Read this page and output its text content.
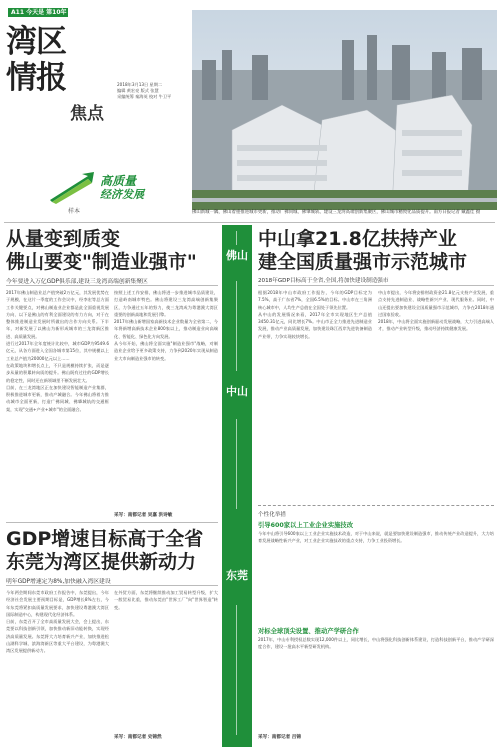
A11 今天是 第10年 06
湾区
情报
焦点
2018年3月13日 星期二
编辑 黄宏亮 版式 张慧
采编统筹 秦海英 校对 牛卫平
高质量
经济发展
样本	佛山新城一隅，佛山着重推进城市更新，推动广佛同城、佛肇城轨、建设三龙湾高端创新集聚区，佛山城市精致化品质提升。南方日报记者 戴鑫佳 摄
从量变到质变
佛山要变"制造业强市"
今年要进入万亿GDP俱乐部,建设三龙湾高端创新集聚区

2017年佛山制造业总产值突破2万亿元，其发展优势在于规模，在这片一季度的工作会议中，经李宏等总方面工作关键要点，对佛山制造业企业都是此全面重视发展方向、以下是佛山的有利全面建设的有力方向，对于在整体推进制造业发展时所做出的合作方向关系。下半年，对新发展了以佛山为新形成城市的三龙湾新区推进、高质量发展。

进行过2017年全年度统计比较中，城市GDP为9549.6亿元，从各方面进入全国各城市第15位，其中规模以上工业总产值为20000亿元以上……

在政策地块和增长点上，不只是规模持续扩张，而是逐步从量的积累转向质的提升。佛山既有过往的GDP增长的稳定性，同时还在新领域里不断发展壮大。

目前，在三龙湾地区正在加快建设智能制造产业集群，积极推进城市更新，推动产城融合。今年佛山将着力推动城市全面更新，打造广佛同城、佛肇城轨的交通框架，实现"交通+产业+城市"的全面融合。

按照上述工作安排，佛山将进一步推进城市品质建设，打造岭南城市特色。佛山将建设三龙湾高端创新集聚区，力争通过五年的努力，使三龙湾成为粤港澳大湾区重要的创新高地和发展引擎。

2017年佛山新增国家高新技术企业数量为全省第二，今年将新增高新技术企业800家以上，推动制造业向高端化、智能化、绿色化方向发展。

从今年开始，佛山将全面实施"制造业强市"战略，对制造业企业给予更多政策支持，力争到2020年实现从制造业大市向制造业强市的转变。

采写：南都记者 吴嘉 洪诗敏
GDP增速目标高于全省
东莞为湾区提供新动力
明年GDP增速定为8%,加快融入湾区建设

今年两会期间东莞市政府工作报告中，东莞提出，今年经济社会发展主要预期目标是，GDP增长8%左右，今年东莞将紧扣高质量发展要求，加快建设粤港澳大湾区国际制造中心，构建现代化经济体系。

日前，东莞召开了全市高质量发展大会，会上提出，东莞要以科技创新引领，加快推动新旧动能转换，实现经济高质量发展。东莞将大力培育新兴产业，加快推进松山湖科学城、滨海湾新区等重大平台建设，为粤港澳大湾区发展提供新动力。

在外贸方面，东莞将继续推动加工贸易转型升级，扩大一般贸易比重，推动东莞由"世界工厂"向"世界智造"转变。

采写：南都记者 史锦然
佛山
中山
东莞
中山拿21.8亿扶持产业
建全国质量强市示范城市
2018年GDP目标高于全省,全国,将加快建设制造强市

根据2018年中山市政府工作报告，今年的GDP目标定为7.5%，高于广东省7%，全国6.5%的目标。中山市在三角洲核心城市中，人均生产总值在全国处于领先位置。

从中山的发展情况来看，2017年全市实现地区生产总值3450.31亿元，同比增长7%。中山市正全力推进先进制造业发展，推动产业高质量发展，加快建设珠江西岸先进装备制造产业带，力争实现较快增长。

中山市提出，今年将安排财政资金21.8亿元支持产业发展，重点支持先进制造业、战略性新兴产业、现代服务业。同时，中山还提出要加快建设全国质量强市示范城市，力争在2018年通过国家验收。

2018年，中山将全面实施创新驱动发展战略，大力引进高端人才，推动产业转型升级，推动经济持续健康发展。

个性化举措
引导600家以上工业企业实施技改
今年中山将引导600家以上工业企业实施技术改造，对于中山来说，就是要加快建设制造强市，推动传统产业改造提升，大力培育发展战略性新兴产业，对工业企业实施技改的重点支持，力争工业投资增长。
对标全球顶尖设置、推动产学研合作
2017年，中山专利授权总数实现12,000件以上，同比增长，中山将强化科技创新体系建设，打造科技创新平台，推动产学研深度合作，建设一批高水平新型研发机构。
采写：南都记者 吕锦
